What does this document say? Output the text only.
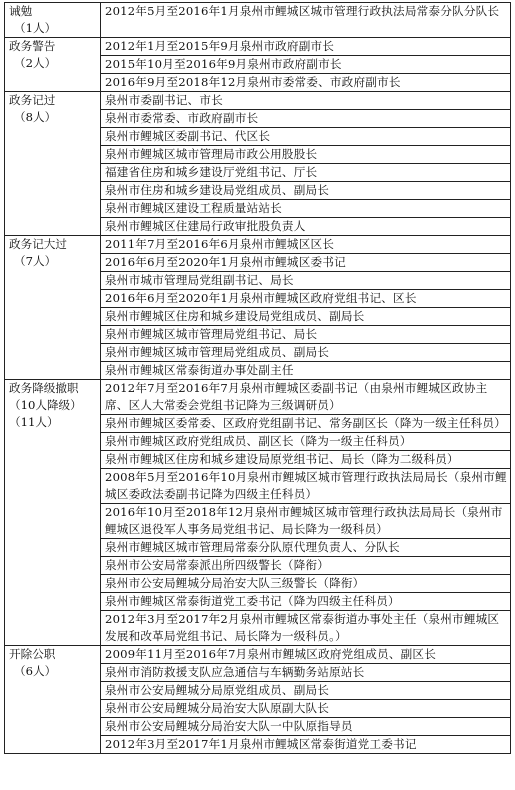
诫勉
（1人）	2012年5月至2016年1月泉州市鲤城区城市管理行政执法局常泰分队分队长

政务警告
（2人）	2012年1月至2015年9月泉州市政府副市长
	2015年10月至2016年9月泉州市政府副市长
	2016年9月至2018年12月泉州市委常委、市政府副市长

政务记过
（8人）	泉州市委副书记、市长
	泉州市委常委、市政府副市长
	泉州市鲤城区委副书记、代区长
	泉州市鲤城区城市管理局市政公用股股长
	福建省住房和城乡建设厅党组书记、厅长
	泉州市住房和城乡建设局党组成员、副局长
	泉州市鲤城区建设工程质量站站长
	泉州市鲤城区住建局行政审批股负责人

政务记大过
（7人）	2011年7月至2016年6月泉州市鲤城区区长
	2016年6月至2020年1月泉州市鲤城区委书记
	泉州市城市管理局党组副书记、局长
	2016年6月至2020年1月泉州市鲤城区政府党组书记、区长
	泉州市鲤城区住房和城乡建设局党组成员、副局长
	泉州市鲤城区城市管理局党组书记、局长
	泉州市鲤城区城市管理局党组成员、副局长
	泉州市鲤城区常泰街道办事处副主任

政务降级撤职
（10人降级）
（11人）	2012年7月至2016年7月泉州市鲤城区委副书记（由泉州市鲤城区政协主席、区人大常委会党组书记降为三级调研员）
	泉州市鲤城区委常委、区政府党组副书记、常务副区长（降为一级主任科员）
	泉州市鲤城区政府党组成员、副区长（降为一级主任科员）
	泉州市鲤城区住房和城乡建设局原党组书记、局长（降为二级科员）
	2008年5月至2016年10月泉州市鲤城区城市管理行政执法局局长（泉州市鲤城区委政法委副书记降为四级主任科员）
	2016年10月至2018年12月泉州市鲤城区城市管理行政执法局局长（泉州市鲤城区退役军人事务局党组书记、局长降为一级科员）
	泉州市鲤城区城市管理局常泰分队原代理负责人、分队长
	泉州市公安局常泰派出所四级警长（降衔）
	泉州市公安局鲤城分局治安大队三级警长（降衔）
	泉州市鲤城区常泰街道党工委书记（降为四级主任科员）
	2012年3月至2017年2月泉州市鲤城区常泰街道办事处主任（泉州市鲤城区发展和改革局党组书记、局长降为一级科员。）

开除公职
（6人）	2009年11月至2016年7月泉州市鲤城区政府党组成员、副区长
	泉州市消防救援支队应急通信与车辆勤务站原站长
	泉州市公安局鲤城分局原党组成员、副局长
	泉州市公安局鲤城分局治安大队原副大队长
	泉州市公安局鲤城分局治安大队一中队原指导员
	2012年3月至2017年1月泉州市鲤城区常泰街道党工委书记
